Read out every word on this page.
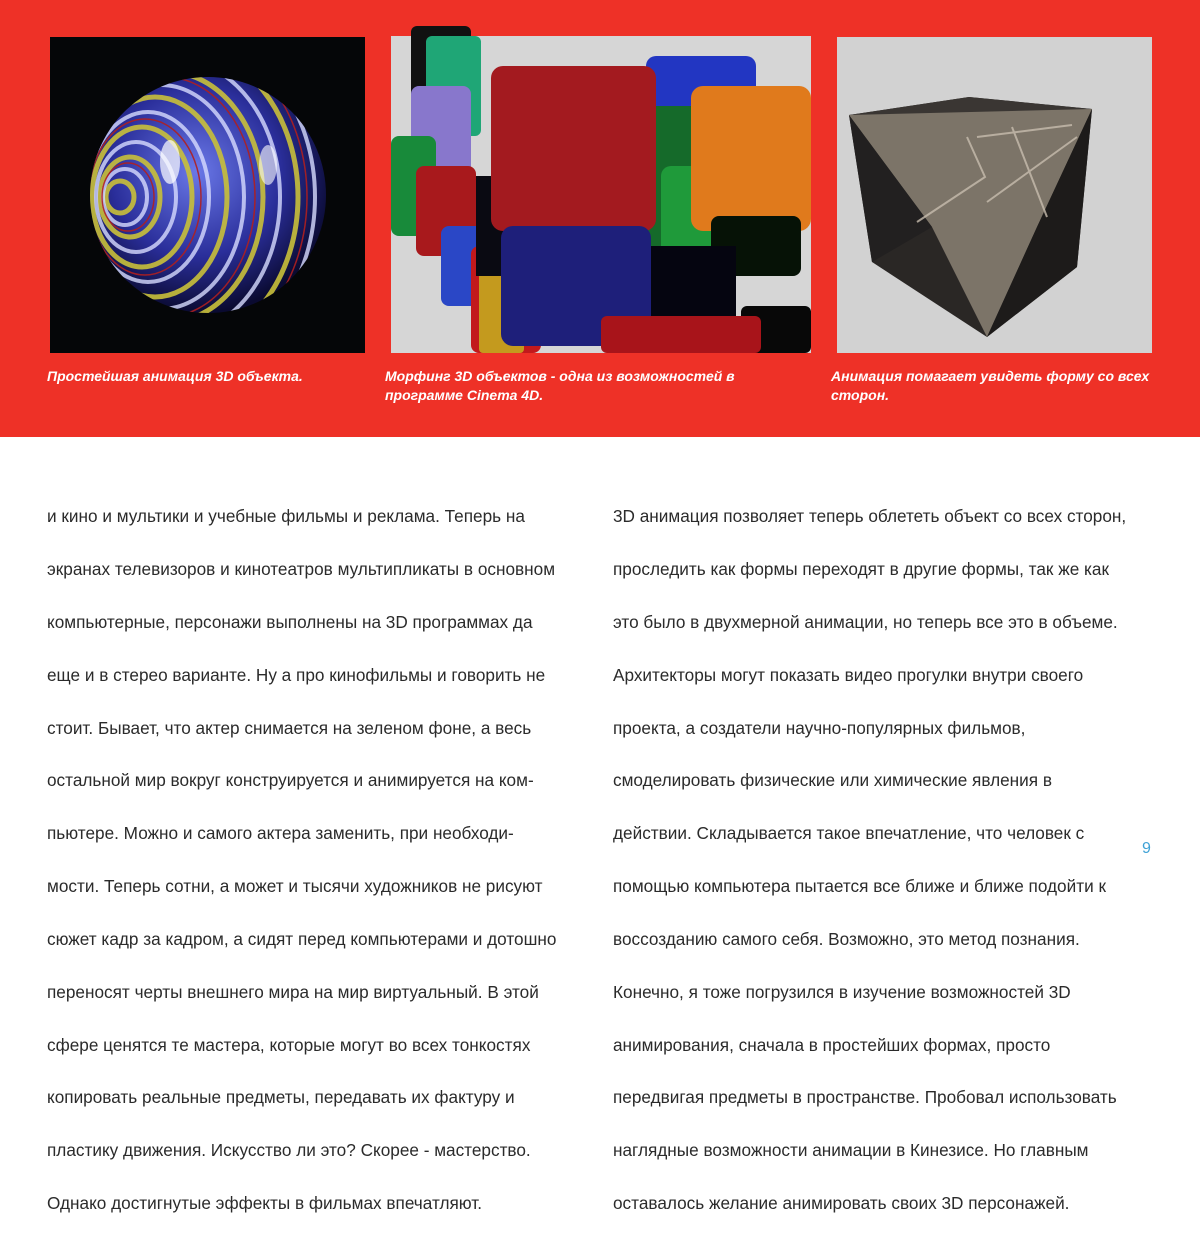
Простейшая анимация 3D объекта.	Морфинг 3D объектов - одна из возможностей в программе Cinema 4D.
Анимация помагает увидеть форму со всех сторон.

и кино и мультики и учебные фильмы и реклама. Теперь на

экранах телевизоров и кинотеатров мультипликаты в основном

компьютерные, персонажи выполнены на 3D программах да

еще и в стерео варианте. Ну а про кинофильмы и говорить не

стоит. Бывает, что актер снимается на зеленом фоне, а весь

остальной мир вокруг конструируется и анимируется на ком-

пьютере. Можно и самого актера заменить, при необходи-

мости. Теперь сотни, а может и тысячи художников не рисуют

сюжет кадр за кадром, а сидят перед компьютерами и дотошно

переносят черты внешнего мира на мир виртуальный. В этой

сфере ценятся те мастера, которые могут во всех тонкостях

копировать реальные предметы, передавать их фактуру и

пластику движения. Искусство ли это? Скорее - мастерство.

Однако достигнутые эффекты в фильмах впечатляют.

3D анимация позволяет теперь облететь объект со всех сторон,

проследить как формы переходят в другие формы, так же как

это было в двухмерной анимации, но теперь все это в объеме.

Архитекторы могут показать видео прогулки внутри своего

проекта, а создатели научно-популярных фильмов,

смоделировать физические или химические явления в

действии. Складывается такое впечатление, что человек с

помощью компьютера пытается все ближе и ближе подойти к

воссозданию самого себя. Возможно, это метод познания.

Конечно, я тоже погрузился в изучение возможностей 3D

анимирования, сначала в простейших формах, просто

передвигая предметы в пространстве. Пробовал использовать

наглядные возможности анимации в Кинезисе. Но главным

оставалось желание анимировать своих 3D персонажей.

9
